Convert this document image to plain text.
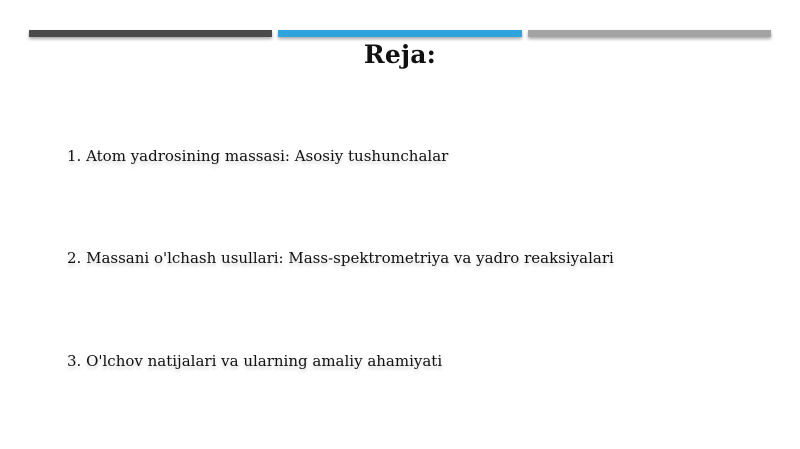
Reja:
1. Atom yadrosining massasi: Asosiy tushunchalar
2. Massani o'lchash usullari: Mass-spektrometriya va yadro reaksiyalari
3. O'lchov natijalari va ularning amaliy ahamiyati
